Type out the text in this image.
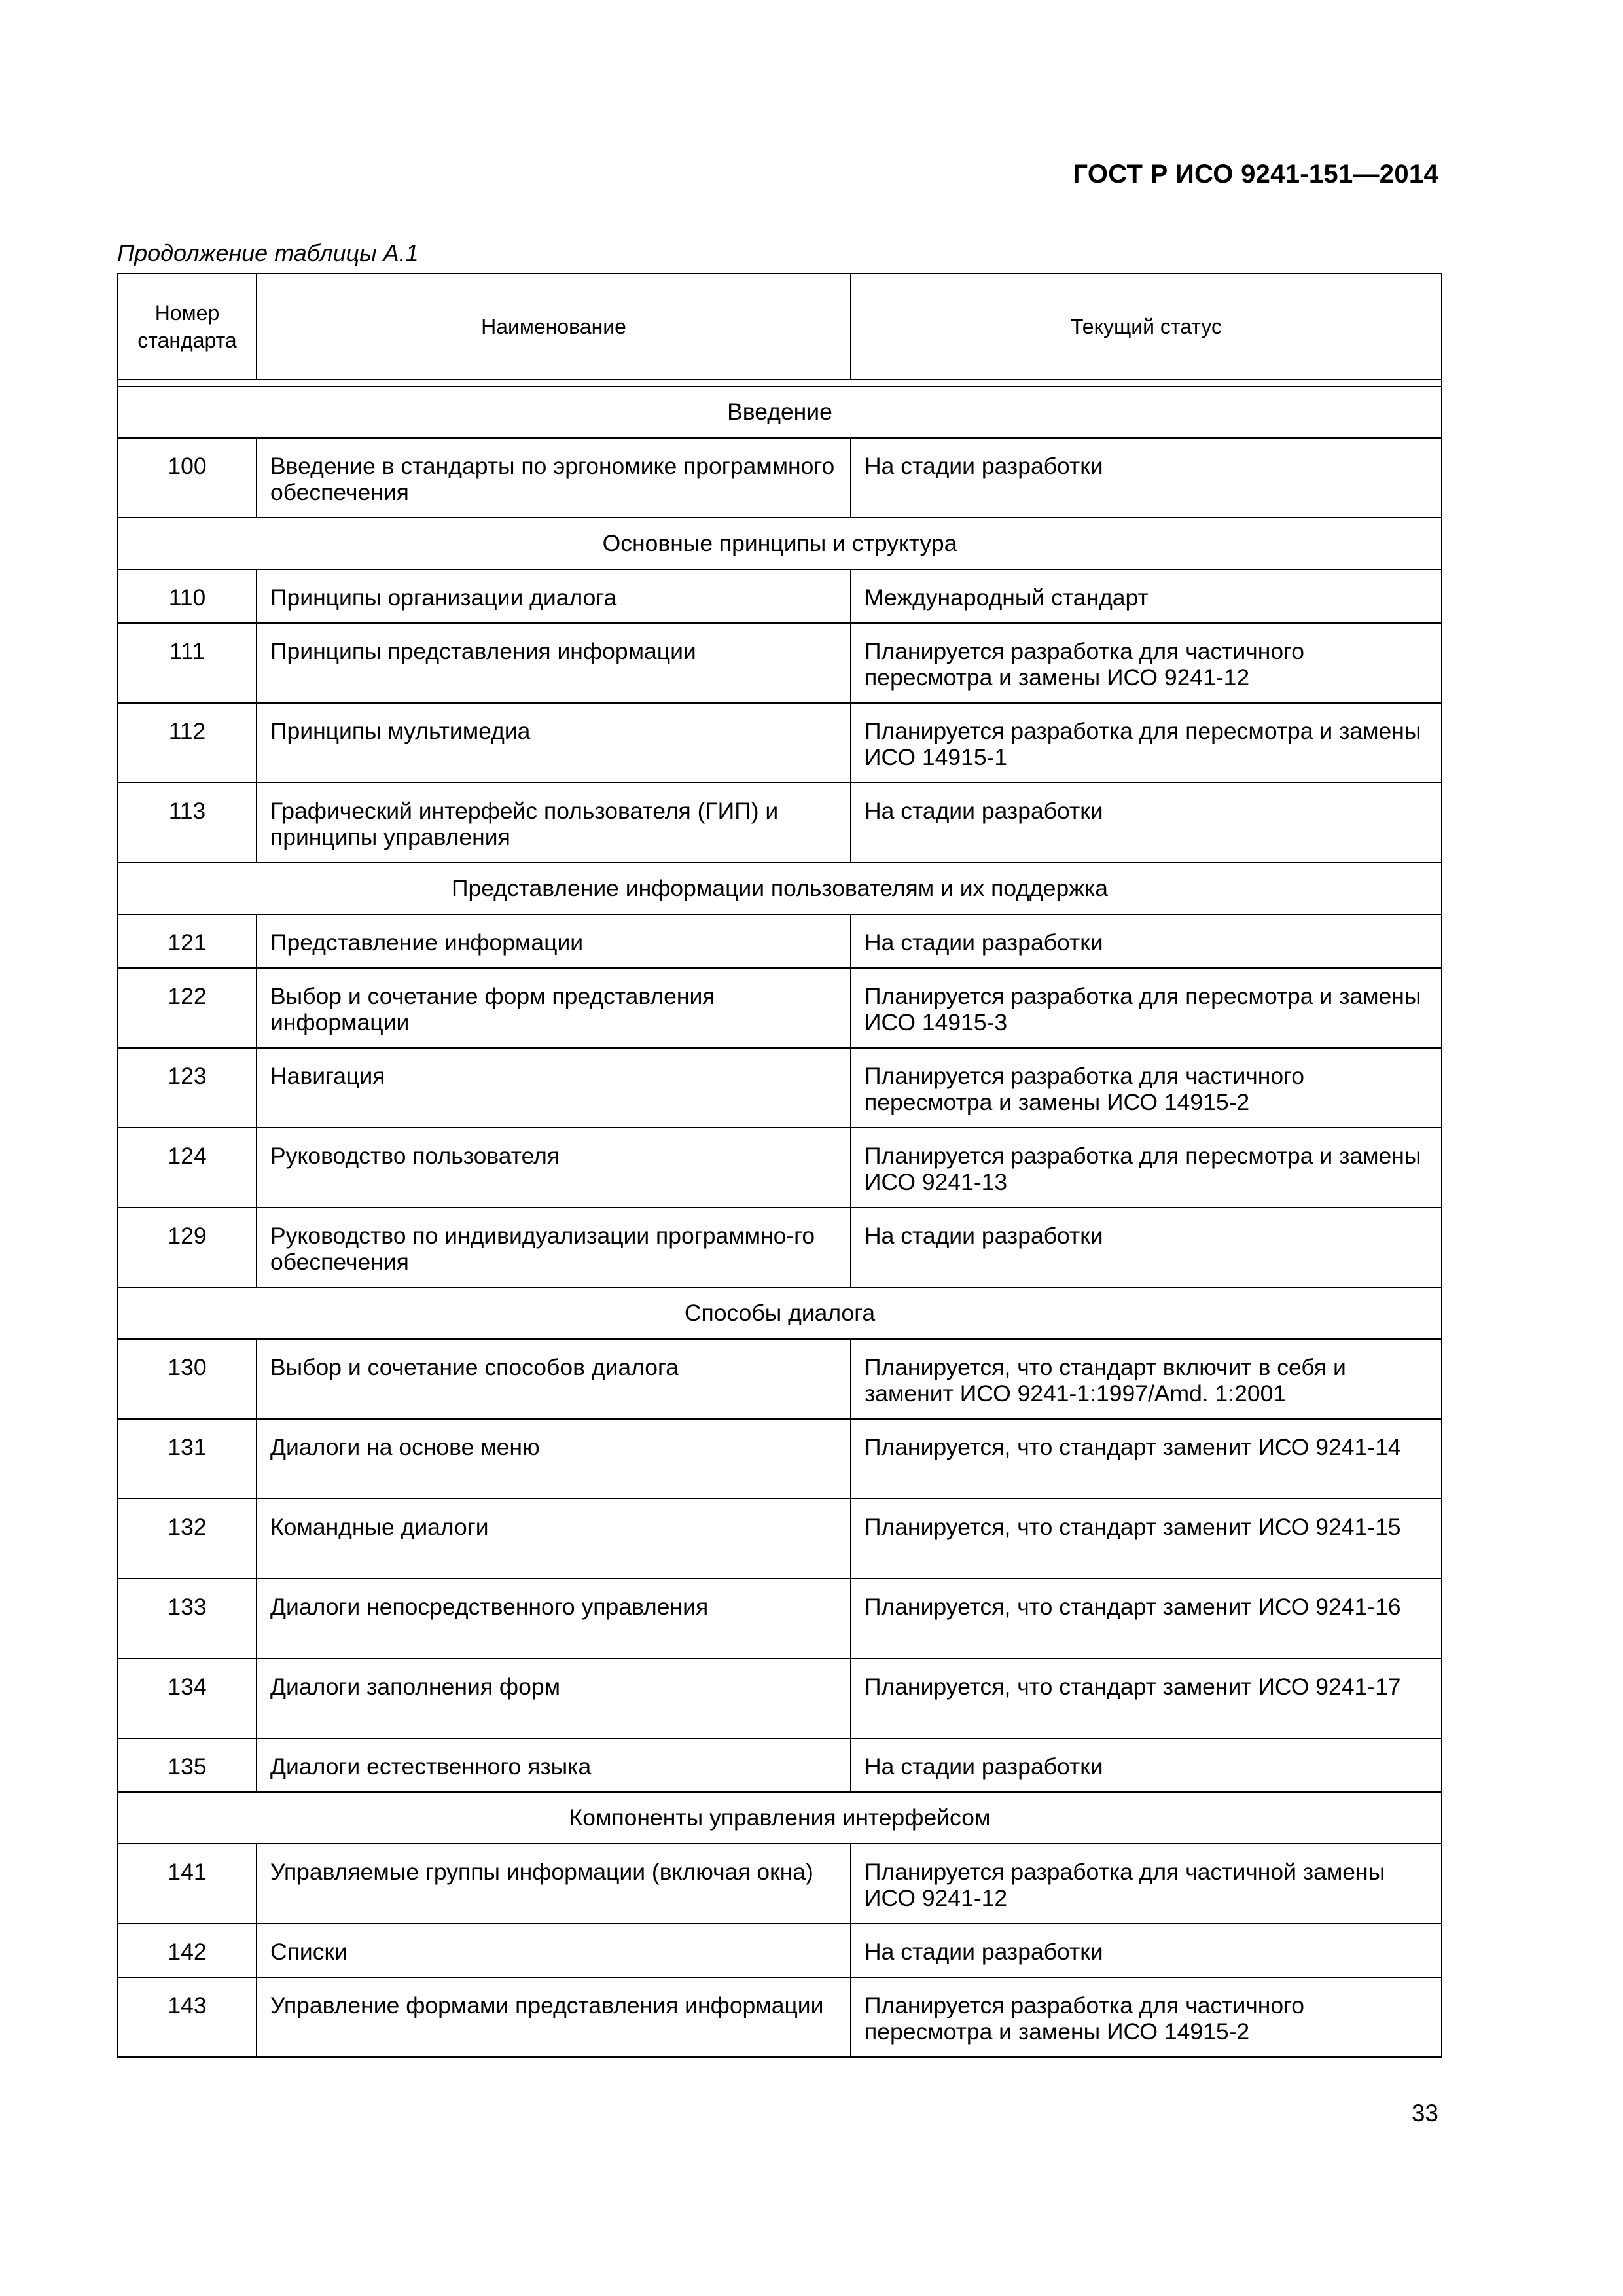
ГОСТ Р ИСО 9241-151—2014
Продолжение таблицы А.1
Номер стандарта	Наименование	Текущий статус

Введение		
100	Введение в стандарты по эргономике программного обеспечения	На стадии разработки
Основные принципы и структура		
110	Принципы организации диалога	Международный стандарт
111	Принципы представления информации	Планируется разработка для частичного пересмотра и замены ИСО 9241-12
112	Принципы мультимедиа	Планируется разработка для пересмотра и замены ИСО 14915-1
113	Графический интерфейс пользователя (ГИП) и принципы управления	На стадии разработки
Представление информации пользователям и их поддержка		
121	Представление информации	На стадии разработки
122	Выбор и сочетание форм представления информации	Планируется разработка для пересмотра и замены ИСО 14915-3
123	Навигация	Планируется разработка для частичного пересмотра и замены ИСО 14915-2
124	Руководство пользователя	Планируется разработка для пересмотра и замены ИСО 9241-13
129	Руководство по индивидуализации программно-го обеспечения	На стадии разработки
Способы диалога		
130	Выбор и сочетание способов диалога	Планируется, что стандарт включит в себя и заменит ИСО 9241-1:1997/Amd. 1:2001
131	Диалоги на основе меню	Планируется, что стандарт заменит ИСО 9241-14
132	Командные диалоги	Планируется, что стандарт заменит ИСО 9241-15
133	Диалоги непосредственного управления	Планируется, что стандарт заменит ИСО 9241-16
134	Диалоги заполнения форм	Планируется, что стандарт заменит ИСО 9241-17
135	Диалоги естественного языка	На стадии разработки
Компоненты управления интерфейсом		
141	Управляемые группы информации (включая окна)	Планируется разработка для частичной замены ИСО 9241-12
142	Списки	На стадии разработки
143	Управление формами представления информации	Планируется разработка для частичного пересмотра и замены ИСО 14915-2
33
